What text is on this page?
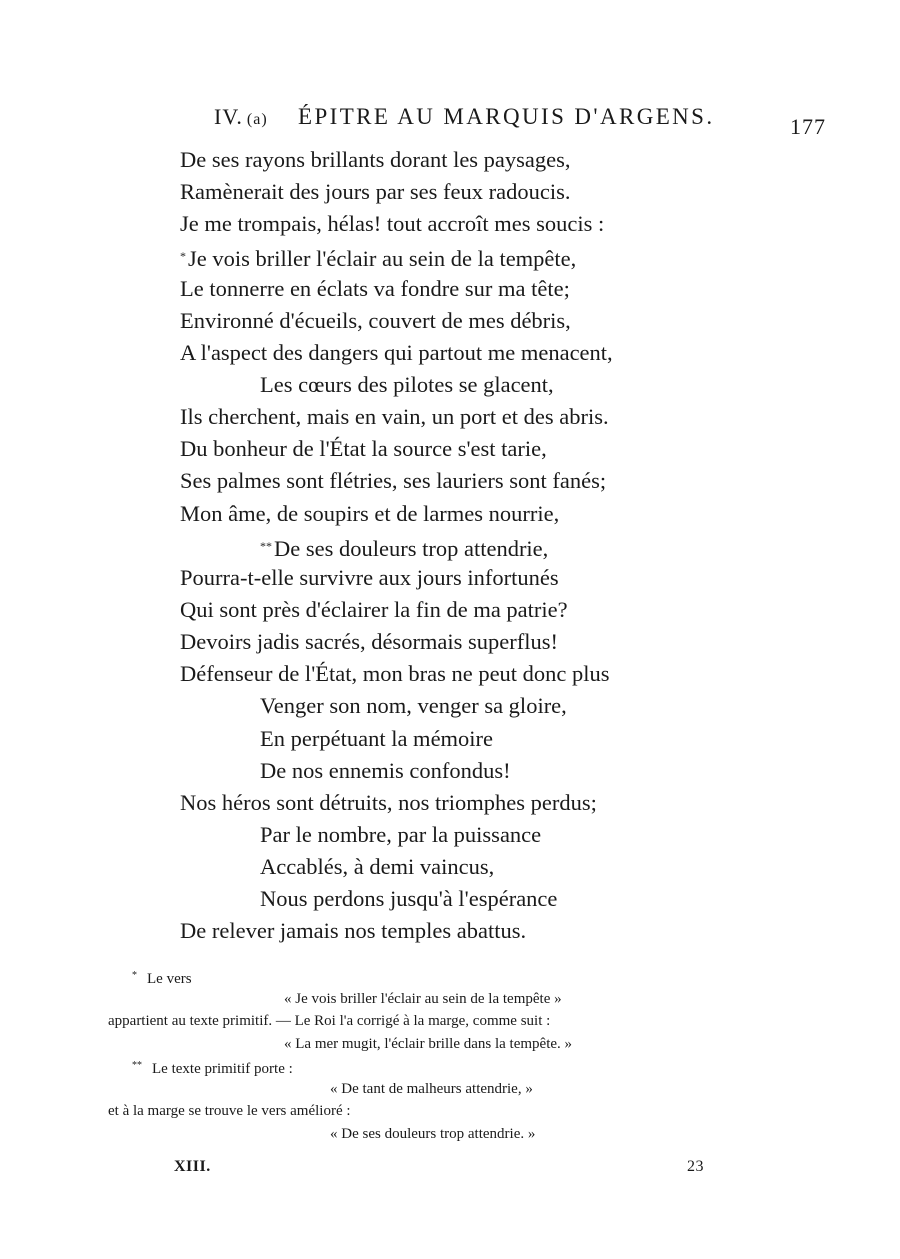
IV. (a) ÉPITRE AU MARQUIS D'ARGENS.	177
De ses rayons brillants dorant les paysages,
Ramènerait des jours par ses feux radoucis.
Je me trompais, hélas! tout accroît mes soucis :
*Je vois briller l'éclair au sein de la tempête,
Le tonnerre en éclats va fondre sur ma tête;
Environné d'écueils, couvert de mes débris,
A l'aspect des dangers qui partout me menacent,
Les cœurs des pilotes se glacent,
Ils cherchent, mais en vain, un port et des abris.
Du bonheur de l'État la source s'est tarie,
Ses palmes sont flétries, ses lauriers sont fanés;
Mon âme, de soupirs et de larmes nourrie,
**De ses douleurs trop attendrie,
Pourra-t-elle survivre aux jours infortunés
Qui sont près d'éclairer la fin de ma patrie?
Devoirs jadis sacrés, désormais superflus!
Défenseur de l'État, mon bras ne peut donc plus
Venger son nom, venger sa gloire,
En perpétuant la mémoire
De nos ennemis confondus!
Nos héros sont détruits, nos triomphes perdus;
Par le nombre, par la puissance
Accablés, à demi vaincus,
Nous perdons jusqu'à l'espérance
De relever jamais nos temples abattus.
* Le vers
« Je vois briller l'éclair au sein de la tempête »
appartient au texte primitif. — Le Roi l'a corrigé à la marge, comme suit :
« La mer mugit, l'éclair brille dans la tempête. »
** Le texte primitif porte :
« De tant de malheurs attendrie, »
et à la marge se trouve le vers amélioré :
« De ses douleurs trop attendrie. »
XIII.	23
